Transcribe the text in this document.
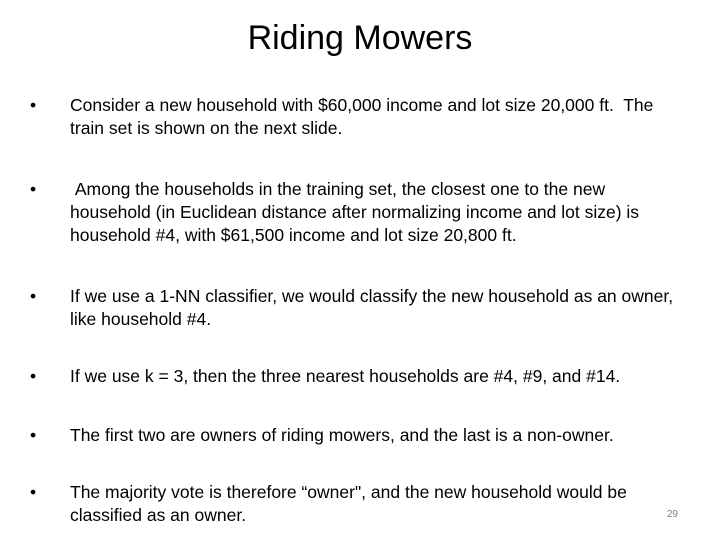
Riding Mowers
•	Consider a new household with $60,000 income and lot size 20,000 ft.  The train set is shown on the next slide.
•	Among the households in the training set, the closest one to the new household (in Euclidean distance after normalizing income and lot size) is household #4, with $61,500 income and lot size 20,800 ft.
•	If we use a 1-NN classifier, we would classify the new household as an owner, like household #4.
•	If we use k = 3, then the three nearest households are #4, #9, and #14.
•	The first two are owners of riding mowers, and the last is a non-owner.
•	The majority vote is therefore “owner", and the new household would be classified as an owner.	29
